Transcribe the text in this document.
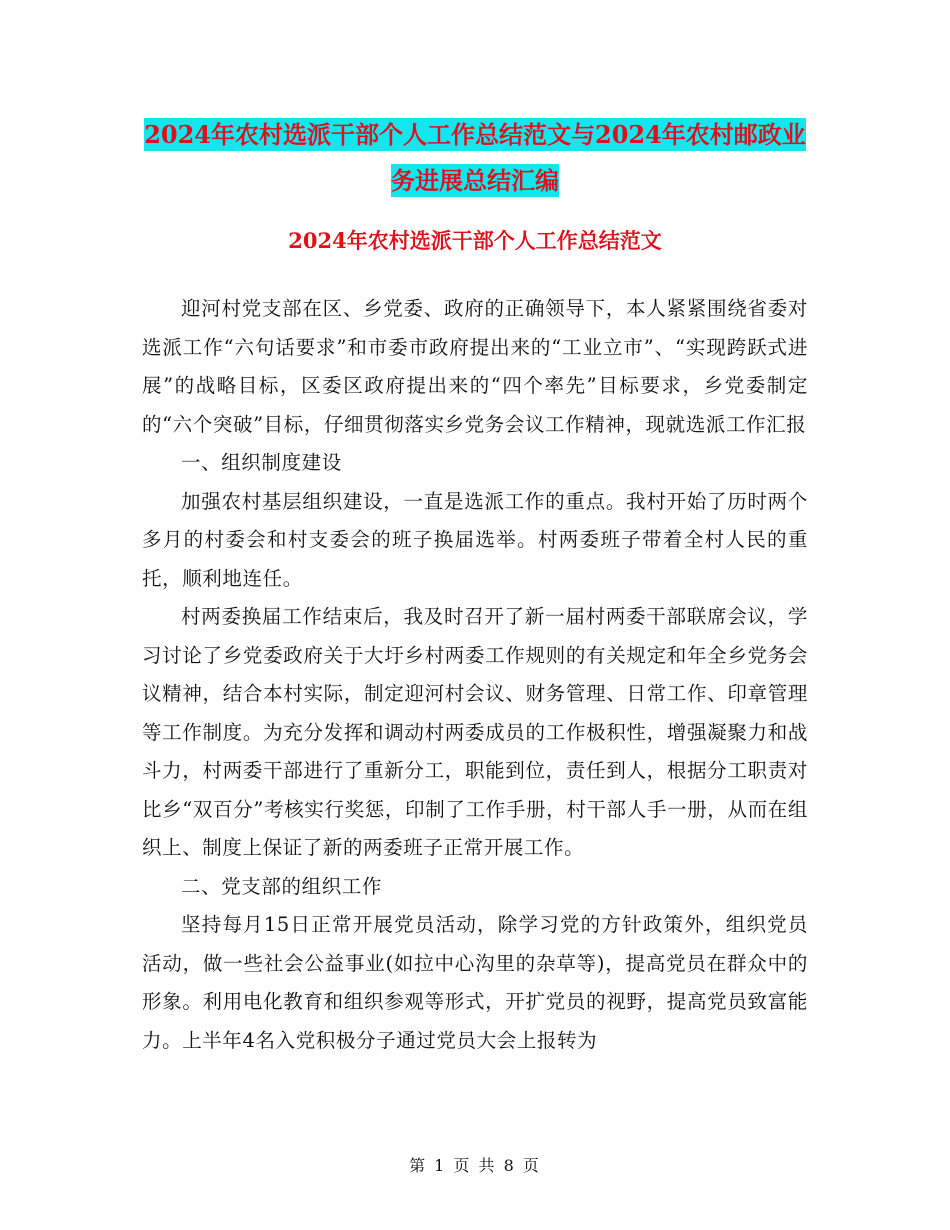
2024年农村选派干部个人工作总结范文与2024年农村邮政业务进展总结汇编
2024年农村选派干部个人工作总结范文

迎河村党支部在区、乡党委、政府的正确领导下，本人紧紧围绕省委对选派工作“六句话要求”和市委市政府提出来的“工业立市”、“实现跨跃式进展”的战略目标，区委区政府提出来的“四个率先”目标要求，乡党委制定的“六个突破”目标，仔细贯彻落实乡党务会议工作精神，现就选派工作汇报

一、组织制度建设

加强农村基层组织建设，一直是选派工作的重点。我村开始了历时两个多月的村委会和村支委会的班子换届选举。村两委班子带着全村人民的重托，顺利地连任。

村两委换届工作结束后，我及时召开了新一届村两委干部联席会议，学习讨论了乡党委政府关于大圩乡村两委工作规则的有关规定和年全乡党务会议精神，结合本村实际，制定迎河村会议、财务管理、日常工作、印章管理等工作制度。为充分发挥和调动村两委成员的工作极积性，增强凝聚力和战斗力，村两委干部进行了重新分工，职能到位，责任到人，根据分工职责对比乡“双百分”考核实行奖惩，印制了工作手册，村干部人手一册，从而在组织上、制度上保证了新的两委班子正常开展工作。

二、党支部的组织工作

坚持每月15日正常开展党员活动，除学习党的方针政策外，组织党员活动，做一些社会公益事业(如拉中心沟里的杂草等)，提高党员在群众中的形象。利用电化教育和组织参观等形式，开扩党员的视野，提高党员致富能力。上半年4名入党积极分子通过党员大会上报转为

第 1 页 共 8 页
